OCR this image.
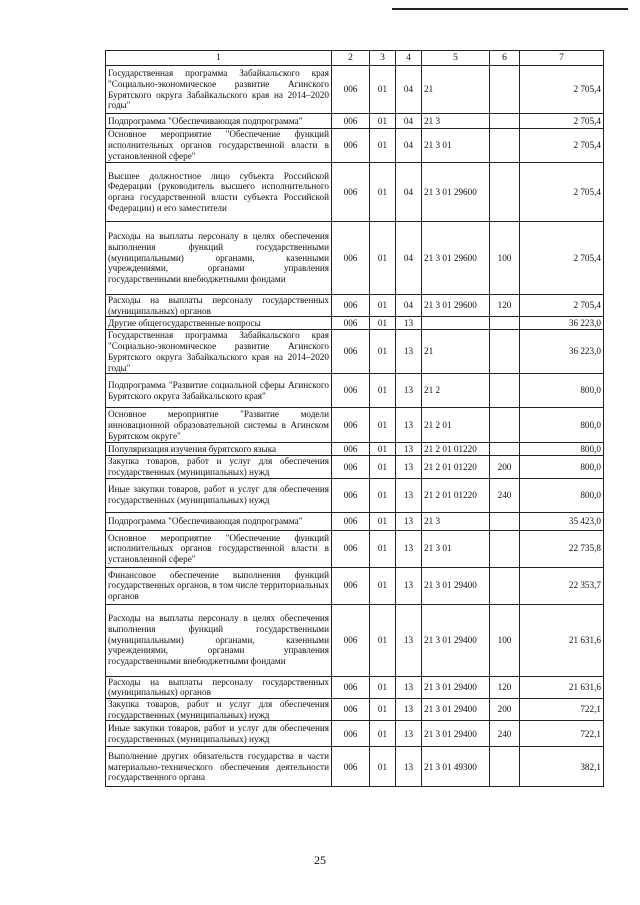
1	2	3	4	5	6	7
Государственная программа Забайкальского края "Социально-экономическое развитие Агинского Бурятского округа Забайкальского края на 2014–2020 годы"	006	01	04	21		2 705,4
Подпрограмма "Обеспечивающая подпрограмма"	006	01	04	21 3		2 705,4
Основное мероприятие "Обеспечение функций исполнительных органов государственной власти в установленной сфере"	006	01	04	21 3 01		2 705,4
Высшее должностное лицо субъекта Российской Федерации (руководитель высшего исполнительного органа государственной власти субъекта Российской Федерации) и его заместители	006	01	04	21 3 01 29600		2 705,4
Расходы на выплаты персоналу в целях обеспечения выполнения функций государственными (муниципальными) органами, казенными учреждениями, органами управления государственными внебюджетными фондами	006	01	04	21 3 01 29600	100	2 705,4
Расходы на выплаты персоналу государственных (муниципальных) органов	006	01	04	21 3 01 29600	120	2 705,4
Другие общегосударственные вопросы	006	01	13			36 223,0
Государственная программа Забайкальского края "Социально-экономическое развитие Агинского Бурятского округа Забайкальского края на 2014–2020 годы"	006	01	13	21		36 223,0
Подпрограмма "Развитие социальной сферы Агинского Бурятского округа Забайкальского края"	006	01	13	21 2		800,0
Основное мероприятие "Развитие модели инновационной образовательной системы в Агинском Бурятском округе"	006	01	13	21 2 01		800,0
Популяризация изучения бурятского языка	006	01	13	21 2 01 01220		800,0
Закупка товаров, работ и услуг для обеспечения государственных (муниципальных) нужд	006	01	13	21 2 01 01220	200	800,0
Иные закупки товаров, работ и услуг для обеспечения государственных (муниципальных) нужд	006	01	13	21 2 01 01220	240	800,0
Подпрограмма "Обеспечивающая подпрограмма"	006	01	13	21 3		35 423,0
Основное мероприятие "Обеспечение функций исполнительных органов государственной власти в установленной сфере"	006	01	13	21 3 01		22 735,8
Финансовое обеспечение выполнения функций государственных органов, в том числе территориальных органов	006	01	13	21 3 01 29400		22 353,7
Расходы на выплаты персоналу в целях обеспечения выполнения функций государственными (муниципальными) органами, казенными учреждениями, органами управления государственными внебюджетными фондами	006	01	13	21 3 01 29400	100	21 631,6
Расходы на выплаты персоналу государственных (муниципальных) органов	006	01	13	21 3 01 29400	120	21 631,6
Закупка товаров, работ и услуг для обеспечения государственных (муниципальных) нужд	006	01	13	21 3 01 29400	200	722,1
Иные закупки товаров, работ и услуг для обеспечения государственных (муниципальных) нужд	006	01	13	21 3 01 29400	240	722,1
Выполнение других обязательств государства в части материально-технического обеспечения деятельности государственного органа	006	01	13	21 3 01 49300		382,1
25
